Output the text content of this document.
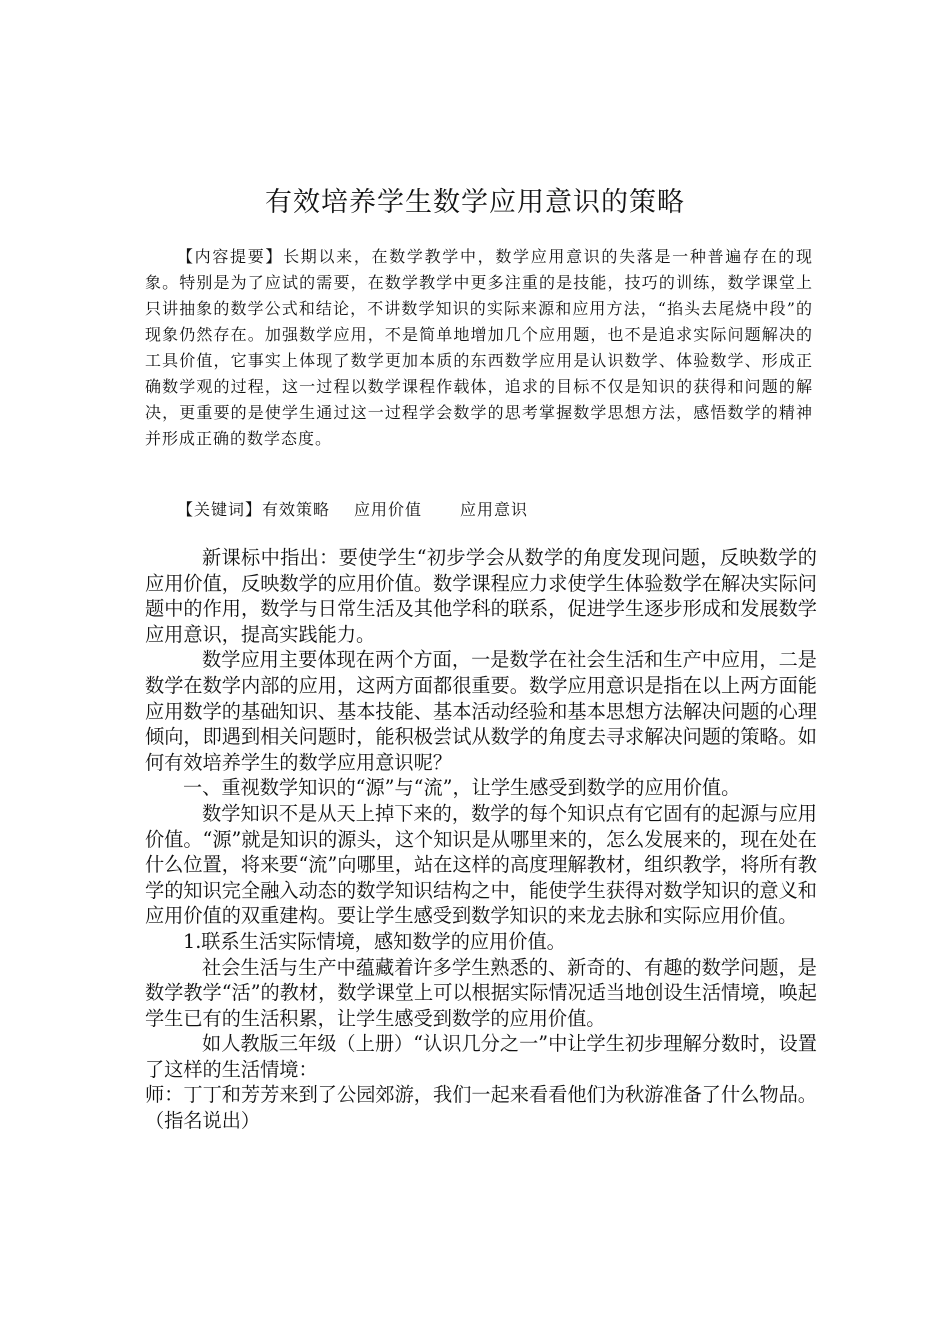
有效培养学生数学应用意识的策略

【内容提要】长期以来，在数学教学中，数学应用意识的失落是一种普遍存在的现象。特别是为了应试的需要，在数学教学中更多注重的是技能，技巧的训练，数学课堂上只讲抽象的数学公式和结论，不讲数学知识的实际来源和应用方法，“掐头去尾烧中段”的现象仍然存在。加强数学应用，不是简单地增加几个应用题，也不是追求实际问题解决的工具价值，它事实上体现了数学更加本质的东西数学应用是认识数学、体验数学、形成正确数学观的过程，这一过程以数学课程作载体，追求的目标不仅是知识的获得和问题的解决，更重要的是使学生通过这一过程学会数学的思考掌握数学思想方法，感悟数学的精神并形成正确的数学态度。

【关键词】有效策略 应用价值 应用意识

新课标中指出：要使学生“初步学会从数学的角度发现问题，反映数学的应用价值，反映数学的应用价值。数学课程应力求使学生体验数学在解决实际问题中的作用，数学与日常生活及其他学科的联系，促进学生逐步形成和发展数学应用意识，提高实践能力。

数学应用主要体现在两个方面，一是数学在社会生活和生产中应用，二是数学在数学内部的应用，这两方面都很重要。数学应用意识是指在以上两方面能应用数学的基础知识、基本技能、基本活动经验和基本思想方法解决问题的心理倾向，即遇到相关问题时，能积极尝试从数学的角度去寻求解决问题的策略。如何有效培养学生的数学应用意识呢？

一、重视数学知识的“源”与“流”，让学生感受到数学的应用价值。

数学知识不是从天上掉下来的，数学的每个知识点有它固有的起源与应用价值。“源”就是知识的源头，这个知识是从哪里来的，怎么发展来的，现在处在什么位置，将来要“流”向哪里，站在这样的高度理解教材，组织教学，将所有教学的知识完全融入动态的数学知识结构之中，能使学生获得对数学知识的意义和应用价值的双重建构。要让学生感受到数学知识的来龙去脉和实际应用价值。

1.联系生活实际情境，感知数学的应用价值。

社会生活与生产中蕴藏着许多学生熟悉的、新奇的、有趣的数学问题，是数学教学“活”的教材，数学课堂上可以根据实际情况适当地创设生活情境，唤起学生已有的生活积累，让学生感受到数学的应用价值。

如人教版三年级（上册）“认识几分之一”中让学生初步理解分数时，设置了这样的生活情境：

师：丁丁和芳芳来到了公园郊游，我们一起来看看他们为秋游准备了什么物品。（指名说出）
